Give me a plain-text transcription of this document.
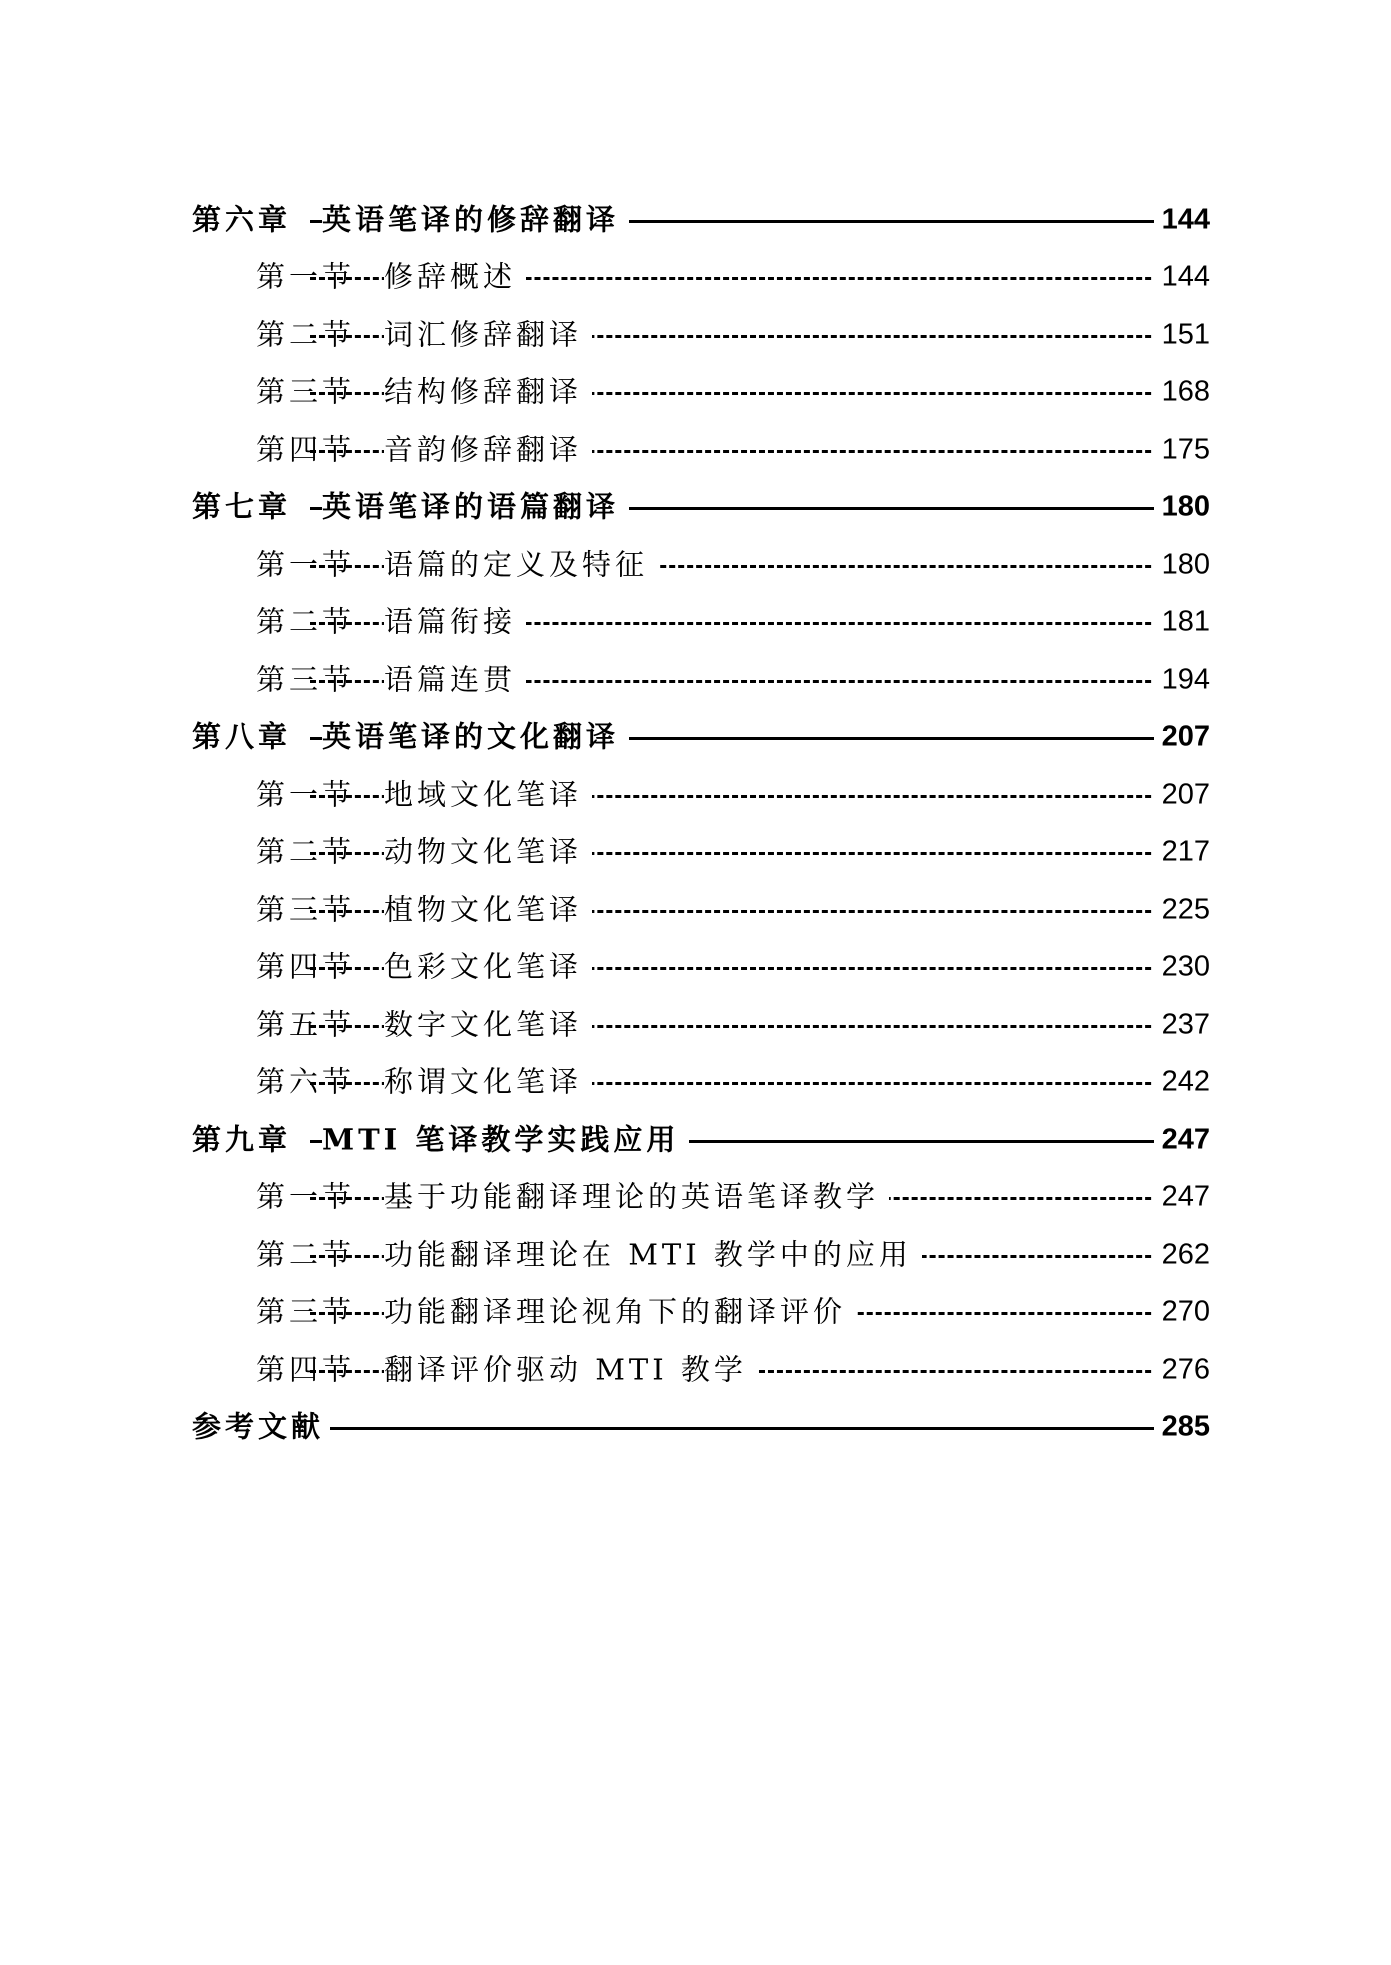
第六章 英语笔译的修辞翻译	144
第一节 修辞概述	144
第二节 词汇修辞翻译	151
第三节 结构修辞翻译	168
第四节 音韵修辞翻译	175
第七章 英语笔译的语篇翻译	180
第一节 语篇的定义及特征	180
第二节 语篇衔接	181
第三节 语篇连贯	194
第八章 英语笔译的文化翻译	207
第一节 地域文化笔译	207
第二节 动物文化笔译	217
第三节 植物文化笔译	225
第四节 色彩文化笔译	230
第五节 数字文化笔译	237
第六节 称谓文化笔译	242
第九章 MTI 笔译教学实践应用	247
第一节 基于功能翻译理论的英语笔译教学	247
第二节 功能翻译理论在 MTI 教学中的应用	262
第三节 功能翻译理论视角下的翻译评价	270
第四节 翻译评价驱动 MTI 教学	276
参考文献	285
